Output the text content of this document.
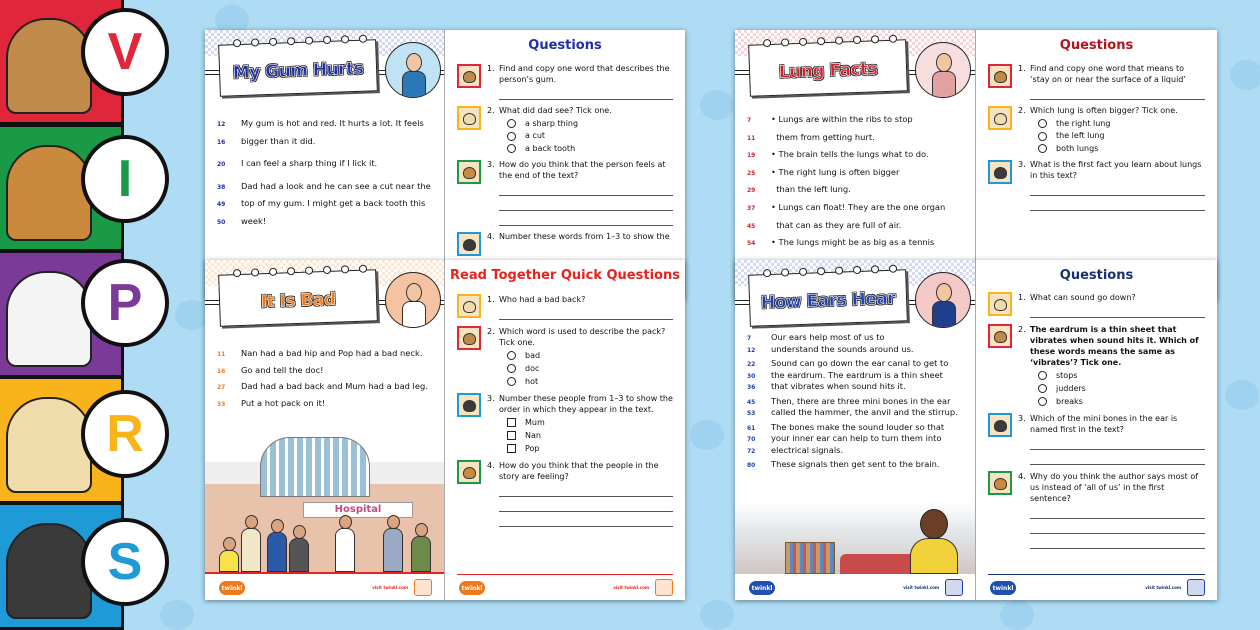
My Gum Hurts
12	My gum is hot and red. It hurts a lot. It feels
16	bigger than it did.
20	I can feel a sharp thing if I lick it.
38	Dad had a look and he can see a cut near the
49	top of my gum. I might get a back tooth this
50	week!
Questions
1. Find and copy one word that describes the person’s gum.
2. What did dad see? Tick one.
a sharp thing
a cut
a back tooth
3. How do you think that the person feels at the end of the text?
4. Number these words from 1–3 to show the
Lung Facts
7	• Lungs are within the ribs to stop
11	them from getting hurt.
19	• The brain tells the lungs what to do.
25	• The right lung is often bigger
29	than the left lung.
37	• Lungs can float! They are the one organ
45	that can as they are full of air.
54	• The lungs might be as big as a tennis
Questions
1. Find and copy one word that means to ‘stay on or near the surface of a liquid’
2. Which lung is often bigger? Tick one.
the right lung
the left lung
both lungs
3. What is the first fact you learn about lungs in this text?
It Is Bad
11	Nan had a bad hip and Pop had a bad neck.
16	Go and tell the doc!
27	Dad had a bad back and Mum had a bad leg.
33	Put a hot pack on it!
Hospital
twinkl	visit twinkl.com
Read Together Quick Questions
1. Who had a bad back?
2. Which word is used to describe the pack? Tick one.
bad
doc
hot
3. Number these people from 1–3 to show the order in which they appear in the text.
Mum
Nan
Pop
4. How do you think that the people in the story are feeling?
twinkl	visit twinkl.com
How Ears Hear
7	Our ears help most of us to
12	understand the sounds around us.
22	Sound can go down the ear canal to get to
30	the eardrum. The eardrum is a thin sheet
36	that vibrates when sound hits it.
45	Then, there are three mini bones in the ear
53	called the hammer, the anvil and the stirrup.
61	The bones make the sound louder so that
70	your inner ear can help to turn them into
72	electrical signals.
80	These signals then get sent to the brain.
twinkl	visit twinkl.com
Questions
1. What can sound go down?
2. The eardrum is a thin sheet that vibrates when sound hits it. Which of these words means the same as ‘vibrates’? Tick one.
stops
judders
breaks
3. Which of the mini bones in the ear is named first in the text?
4. Why do you think the author says most of us instead of ‘all of us’ in the first sentence?
twinkl	visit twinkl.com
V
I
P
R
S
